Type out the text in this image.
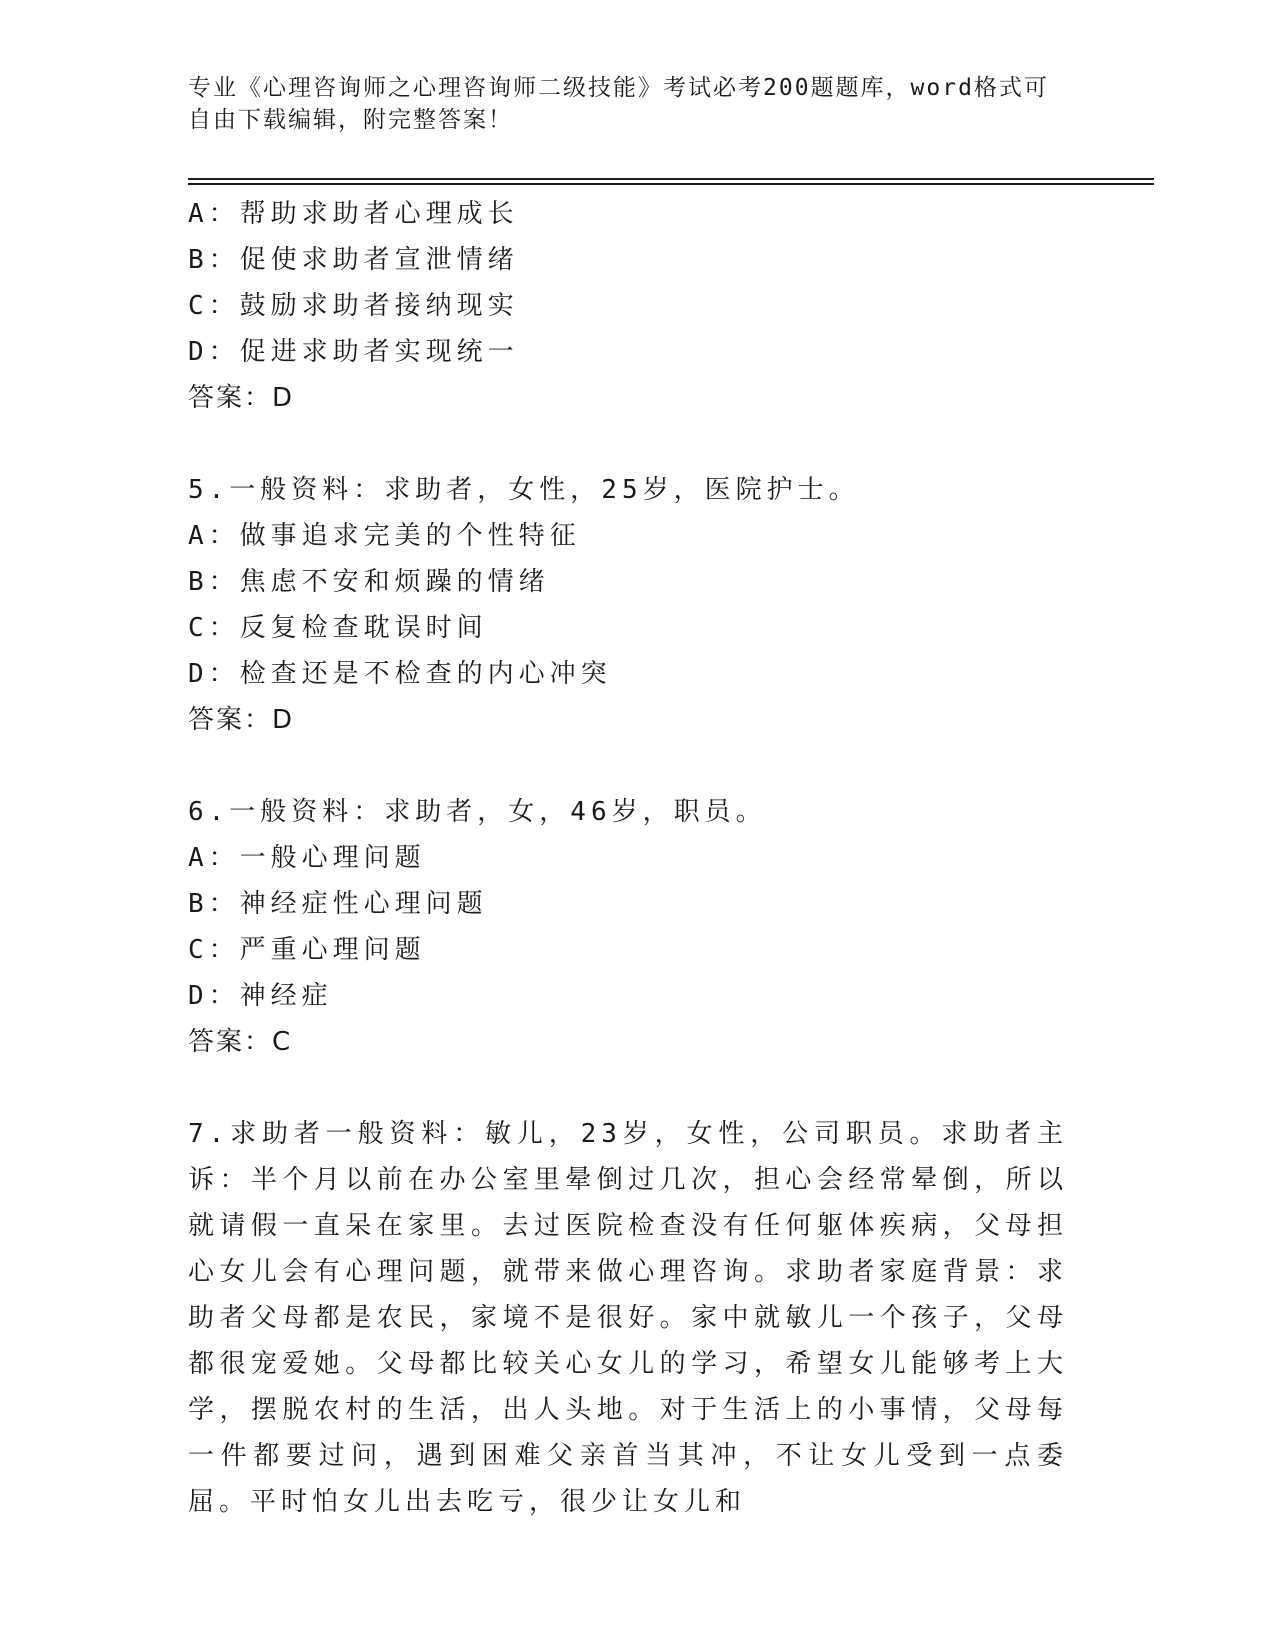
专业《心理咨询师之心理咨询师二级技能》考试必考200题题库，word格式可自由下载编辑，附完整答案！
A：帮助求助者心理成长
B：促使求助者宣泄情绪
C：鼓励求助者接纳现实
D：促进求助者实现统一
答案：D
5.一般资料：求助者，女性，25岁，医院护士。
A：做事追求完美的个性特征
B：焦虑不安和烦躁的情绪
C：反复检查耽误时间
D：检查还是不检查的内心冲突
答案：D
6.一般资料：求助者，女，46岁，职员。
A：一般心理问题
B：神经症性心理问题
C：严重心理问题
D：神经症
答案：C
7.求助者一般资料：敏儿，23岁，女性，公司职员。求助者主诉：半个月以前在办公室里晕倒过几次，担心会经常晕倒，所以就请假一直呆在家里。去过医院检查没有任何躯体疾病，父母担心女儿会有心理问题，就带来做心理咨询。求助者家庭背景：求助者父母都是农民，家境不是很好。家中就敏儿一个孩子，父母都很宠爱她。父母都比较关心女儿的学习，希望女儿能够考上大学，摆脱农村的生活，出人头地。对于生活上的小事情，父母每一件都要过问，遇到困难父亲首当其冲，不让女儿受到一点委屈。平时怕女儿出去吃亏，很少让女儿和
